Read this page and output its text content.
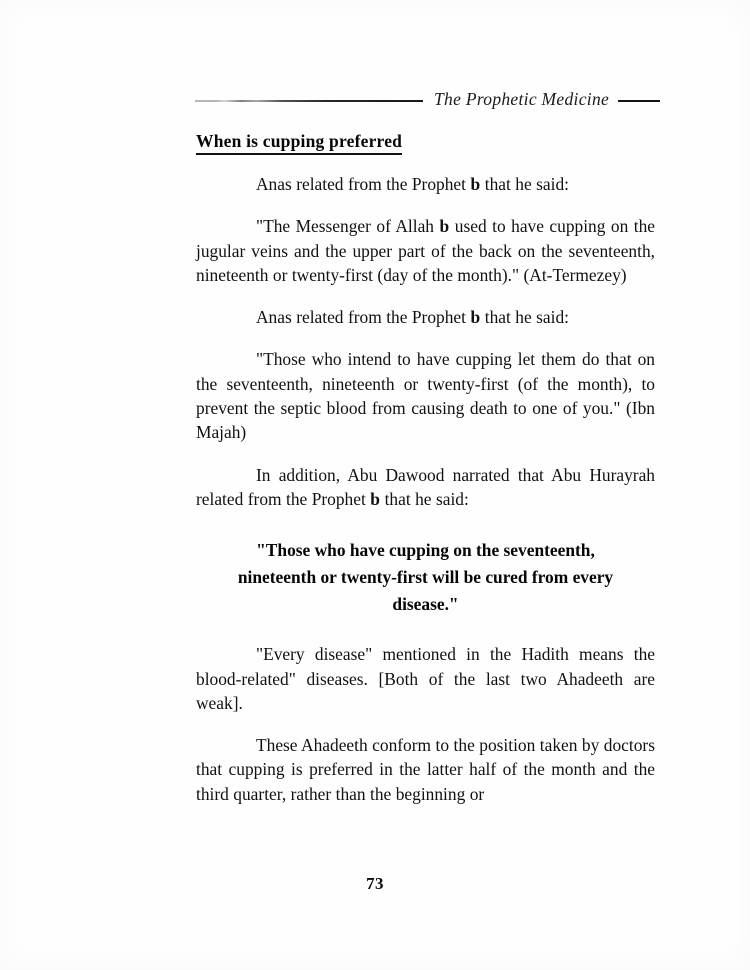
The Prophetic Medicine
When is cupping preferred

Anas related from the Prophet b that he said:

"The Messenger of Allah b used to have cupping on the jugular veins and the upper part of the back on the seventeenth, nineteenth or twenty-first (day of the month)." (At-Termezey)

Anas related from the Prophet b that he said:

"Those who intend to have cupping let them do that on the seventeenth, nineteenth or twenty-first (of the month), to prevent the septic blood from causing death to one of you." (Ibn Majah)

In addition, Abu Dawood narrated that Abu Hurayrah related from the Prophet b that he said:

"Those who have cupping on the seventeenth,
nineteenth or twenty-first will be cured from every
disease."

"Every disease" mentioned in the Hadith means the blood-related" diseases. [Both of the last two Ahadeeth are weak].

These Ahadeeth conform to the position taken by doctors that cupping is preferred in the latter half of the month and the third quarter, rather than the beginning or

73
